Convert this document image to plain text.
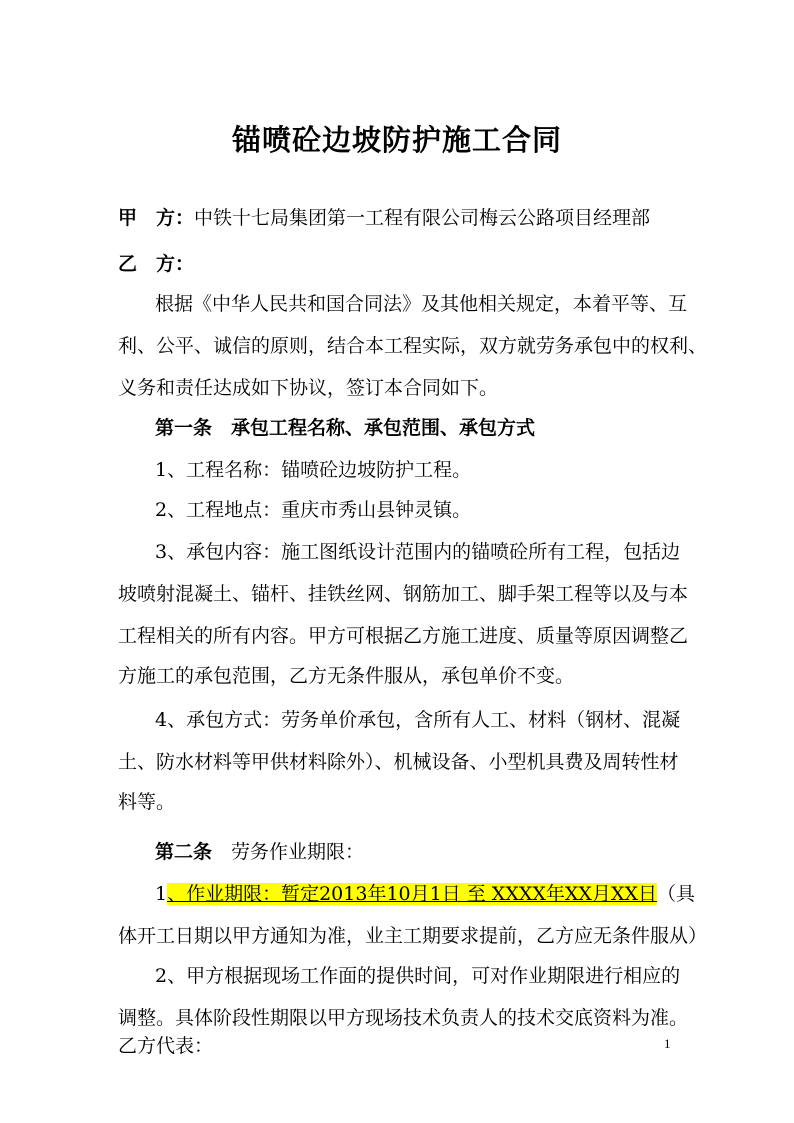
锚喷砼边坡防护施工合同
甲　方：中铁十七局集团第一工程有限公司梅云公路项目经理部
乙　方：
根据《中华人民共和国合同法》及其他相关规定，本着平等、互
利、公平、诚信的原则，结合本工程实际，双方就劳务承包中的权利、
义务和责任达成如下协议，签订本合同如下。
第一条　承包工程名称、承包范围、承包方式
1、工程名称：锚喷砼边坡防护工程。
2、工程地点：重庆市秀山县钟灵镇。
3、承包内容：施工图纸设计范围内的锚喷砼所有工程，包括边
坡喷射混凝土、锚杆、挂铁丝网、钢筋加工、脚手架工程等以及与本
工程相关的所有内容。甲方可根据乙方施工进度、质量等原因调整乙
方施工的承包范围，乙方无条件服从，承包单价不变。
4、承包方式：劳务单价承包，含所有人工、材料（钢材、混凝
土、防水材料等甲供材料除外）、机械设备、小型机具费及周转性材
料等。
第二条　劳务作业期限：
1、作业期限：暂定2013年10月1日 至 XXXX年XX月XX日（具
体开工日期以甲方通知为准，业主工期要求提前，乙方应无条件服从）
2、甲方根据现场工作面的提供时间，可对作业期限进行相应的
调整。具体阶段性期限以甲方现场技术负责人的技术交底资料为准。
乙方代表：	1
